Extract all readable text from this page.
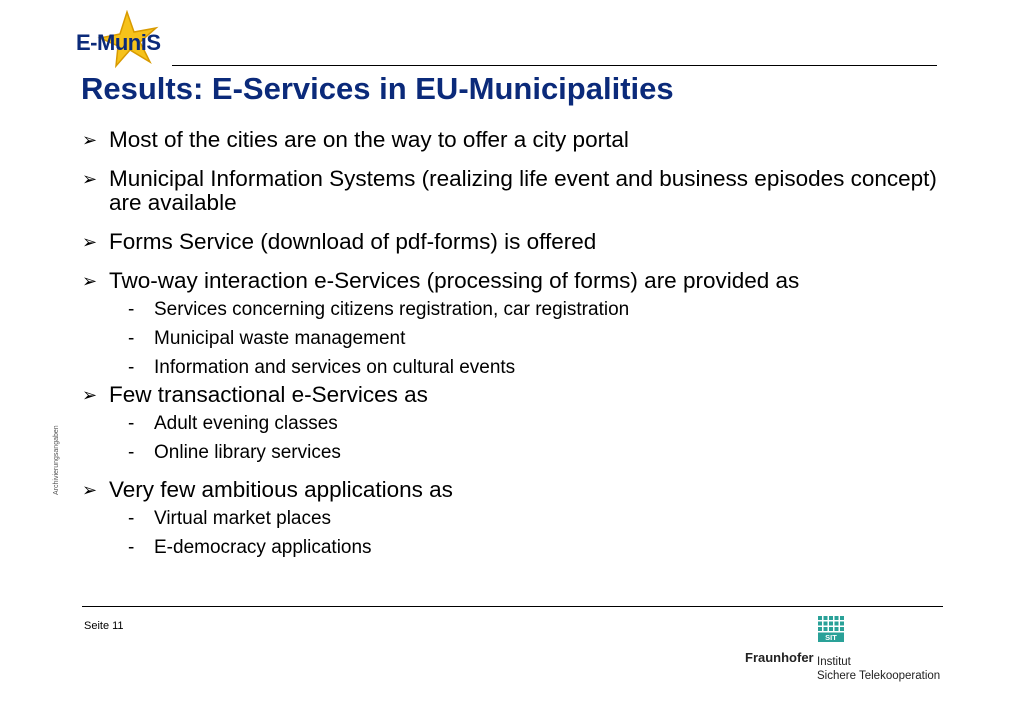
E-MuniS
Results: E-Services in EU-Municipalities
➢ Most of the cities are on the way to offer a city portal
➢ Municipal Information Systems (realizing life event and business episodes concept) are available
➢ Forms Service (download of pdf-forms) is offered
➢ Two-way interaction e-Services (processing of forms) are provided as
- Services concerning citizens registration, car registration
- Municipal waste management
- Information and services on cultural events
➢ Few transactional e-Services as
- Adult evening classes
- Online library services
➢ Very few ambitious applications as
- Virtual market places
- E-democracy applications
Archivierungsangaben
Seite 11
SIT
Fraunhofer Institut
Sichere Telekooperation
